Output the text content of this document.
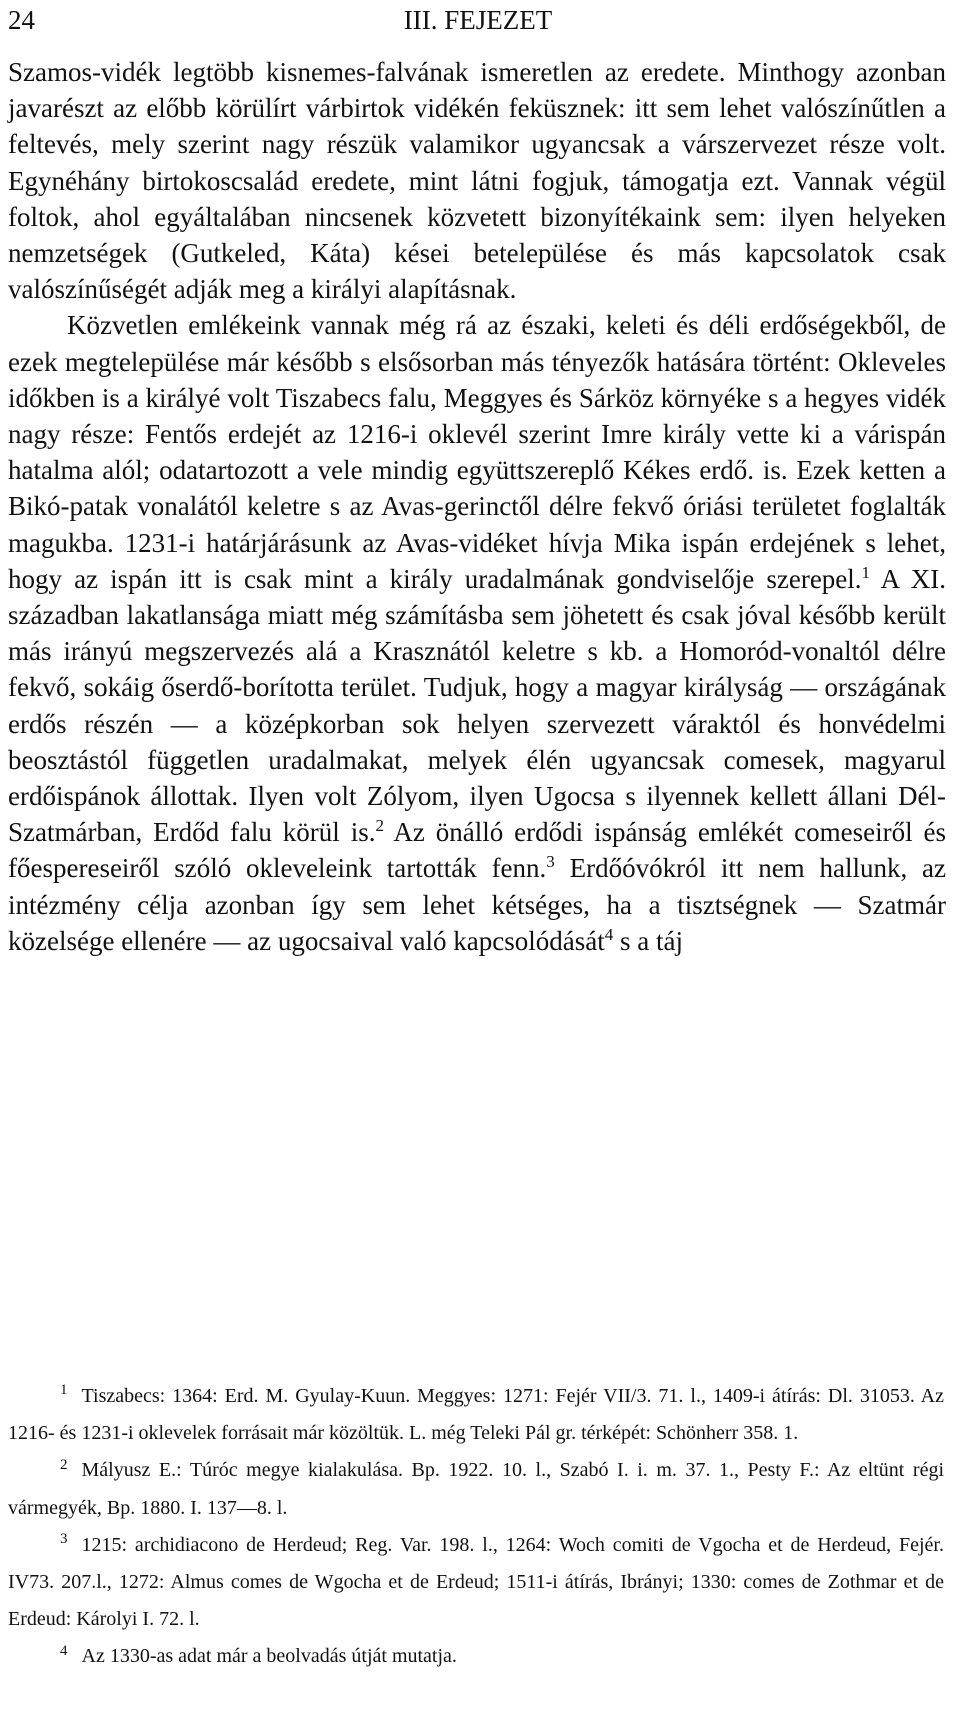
24	III. FEJEZET

Szamos-vidék legtöbb kisnemes-falvának ismeretlen az eredete. Minthogy azonban javarészt az előbb körülírt várbirtok vidékén feküsznek: itt sem lehet valószínűtlen a feltevés, mely szerint nagy részük valamikor ugyancsak a várszervezet része volt. Egynéhány birtokoscsalád eredete, mint látni fogjuk, támogatja ezt. Vannak végül foltok, ahol egyáltalában nincsenek közvetett bizonyítékaink sem: ilyen helyeken nemzetségek (Gutkeled, Káta) kései betelepülése és más kapcsolatok csak valószínűségét adják meg a királyi alapításnak.

Közvetlen emlékeink vannak még rá az északi, keleti és déli erdőségekből, de ezek megtelepülése már később s elsősorban más tényezők hatására történt: Okleveles időkben is a királyé volt Tiszabecs falu, Meggyes és Sárköz környéke s a hegyes vidék nagy része: Fentős erdejét az 1216-i oklevél szerint Imre király vette ki a várispán hatalma alól; odatartozott a vele mindig együttszereplő Kékes erdő. is. Ezek ketten a Bikó-patak vonalától keletre s az Avas-gerinctől délre fekvő óriási területet foglalták magukba. 1231-i határjárásunk az Avas-vidéket hívja Mika ispán erdejének s lehet, hogy az ispán itt is csak mint a király uradalmának gondviselője szerepel.$^1$ A XI. században lakatlansága miatt még számításba sem jöhetett és csak jóval később került más irányú megszervezés alá a Krasznától keletre s kb. a Homoród-vonaltól délre fekvő, sokáig őserdő-borította terület. Tudjuk, hogy a magyar királyság — országának erdős részén — a középkorban sok helyen szervezett váraktól és honvédelmi beosztástól független uradalmakat, melyek élén ugyancsak comesek, magyarul erdőispánok állottak. Ilyen volt Zólyom, ilyen Ugocsa s ilyennek kellett állani Dél-Szatmárban, Erdőd falu körül is.$^2$ Az önálló erdődi ispánság emlékét comeseiről és főespereseiről szóló okleveleink tartották fenn.$^3$ Erdőóvókról itt nem hallunk, az intézmény célja azonban így sem lehet kétséges, ha a tisztségnek — Szatmár közelsége ellenére — az ugocsaival való kapcsolódását$^4$ s a táj

$^1$ Tiszabecs: 1364: Erd. M. Gyulay-Kuun. Meggyes: 1271: Fejér VII/3. 71. l., 1409-i átírás: Dl. 31053. Az 1216- és 1231-i oklevelek forrásait már közöltük. L. még Teleki Pál gr. térképét: Schönherr 358. 1.

$^2$ Mályusz E.: Túróc megye kialakulása. Bp. 1922. 10. l., Szabó I. i. m. 37. 1., Pesty F.: Az eltünt régi vármegyék, Bp. 1880. I. 137—8. l.

$^3$ 1215: archidiacono de Herdeud; Reg. Var. 198. l., 1264: Woch comiti de Vgocha et de Herdeud, Fejér. IV73. 207.l., 1272: Almus comes de Wgocha et de Erdeud; 1511-i átírás, Ibrányi; 1330: comes de Zothmar et de Erdeud: Károlyi I. 72. l.

$^4$ Az 1330-as adat már a beolvadás útját mutatja.
